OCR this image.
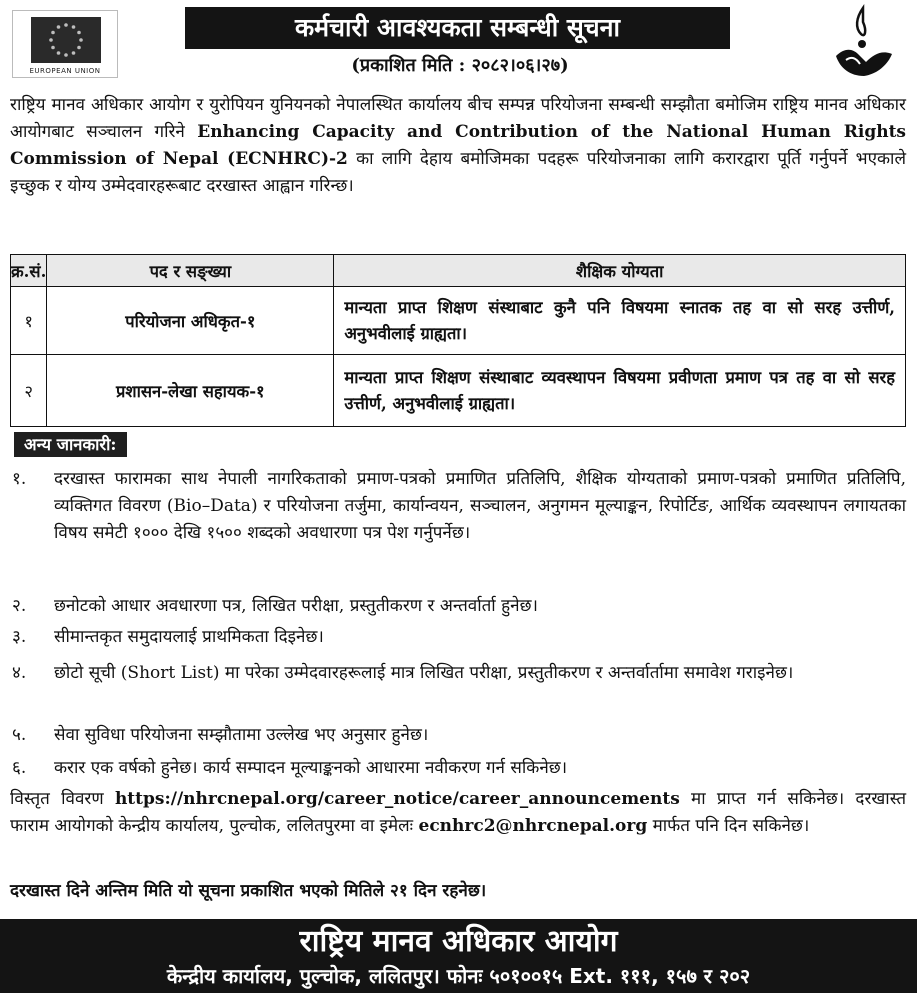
EUROPEAN UNION
कर्मचारी आवश्यकता सम्बन्धी सूचना
(प्रकाशित मिति : २०८२।०६।२७)
राष्ट्रिय मानव अधिकार आयोग र युरोपियन युनियनको नेपालस्थित कार्यालय बीच सम्पन्न परियोजना सम्बन्धी सम्झौता बमोजिम राष्ट्रिय मानव अधिकार आयोगबाट सञ्चालन गरिने Enhancing Capacity and Contribution of the National Human Rights Commission of Nepal (ECNHRC)-2 का लागि देहाय बमोजिमका पदहरू परियोजनाका लागि करारद्वारा पूर्ति गर्नुपर्ने भएकाले इच्छुक र योग्य उम्मेदवारहरूबाट दरखास्त आह्वान गरिन्छ।
क्र.सं.	पद र सङ्ख्या	शैक्षिक योग्यता
१	परियोजना अधिकृत-१	मान्यता प्राप्त शिक्षण संस्थाबाट कुनै पनि विषयमा स्नातक तह वा सो सरह उत्तीर्ण, अनुभवीलाई ग्राह्यता।
२	प्रशासन-लेखा सहायक-१	मान्यता प्राप्त शिक्षण संस्थाबाट व्यवस्थापन विषयमा प्रवीणता प्रमाण पत्र तह वा सो सरह उत्तीर्ण, अनुभवीलाई ग्राह्यता।
अन्य जानकारी:
१.	दरखास्त फारामका साथ नेपाली नागरिकताको प्रमाण-पत्रको प्रमाणित प्रतिलिपि, शैक्षिक योग्यताको प्रमाण-पत्रको प्रमाणित प्रतिलिपि, व्यक्तिगत विवरण (Bio–Data) र परियोजना तर्जुमा, कार्यान्वयन, सञ्चालन, अनुगमन मूल्याङ्कन, रिपोर्टिङ, आर्थिक व्यवस्थापन लगायतका विषय समेटी १००० देखि १५०० शब्दको अवधारणा पत्र पेश गर्नुपर्नेछ।
२.	छनोटको आधार अवधारणा पत्र, लिखित परीक्षा, प्रस्तुतीकरण र अन्तर्वार्ता हुनेछ।
३.	सीमान्तकृत समुदायलाई प्राथमिकता दिइनेछ।
४.	छोटो सूची (Short List) मा परेका उम्मेदवारहरूलाई मात्र लिखित परीक्षा, प्रस्तुतीकरण र अन्तर्वार्तामा समावेश गराइनेछ।
५.	सेवा सुविधा परियोजना सम्झौतामा उल्लेख भए अनुसार हुनेछ।
६.	करार एक वर्षको हुनेछ। कार्य सम्पादन मूल्याङ्कनको आधारमा नवीकरण गर्न सकिनेछ।
विस्तृत विवरण https://nhrcnepal.org/career_notice/career_announcements मा प्राप्त गर्न सकिनेछ। दरखास्त फाराम आयोगको केन्द्रीय कार्यालय, पुल्चोक, ललितपुरमा वा इमेलः ecnhrc2@nhrcnepal.org मार्फत पनि दिन सकिनेछ।
दरखास्त दिने अन्तिम मिति यो सूचना प्रकाशित भएको मितिले २१ दिन रहनेछ।
राष्ट्रिय मानव अधिकार आयोग
केन्द्रीय कार्यालय, पुल्चोक, ललितपुर। फोनः ५०१००१५ Ext. १११, १५७ र २०२
